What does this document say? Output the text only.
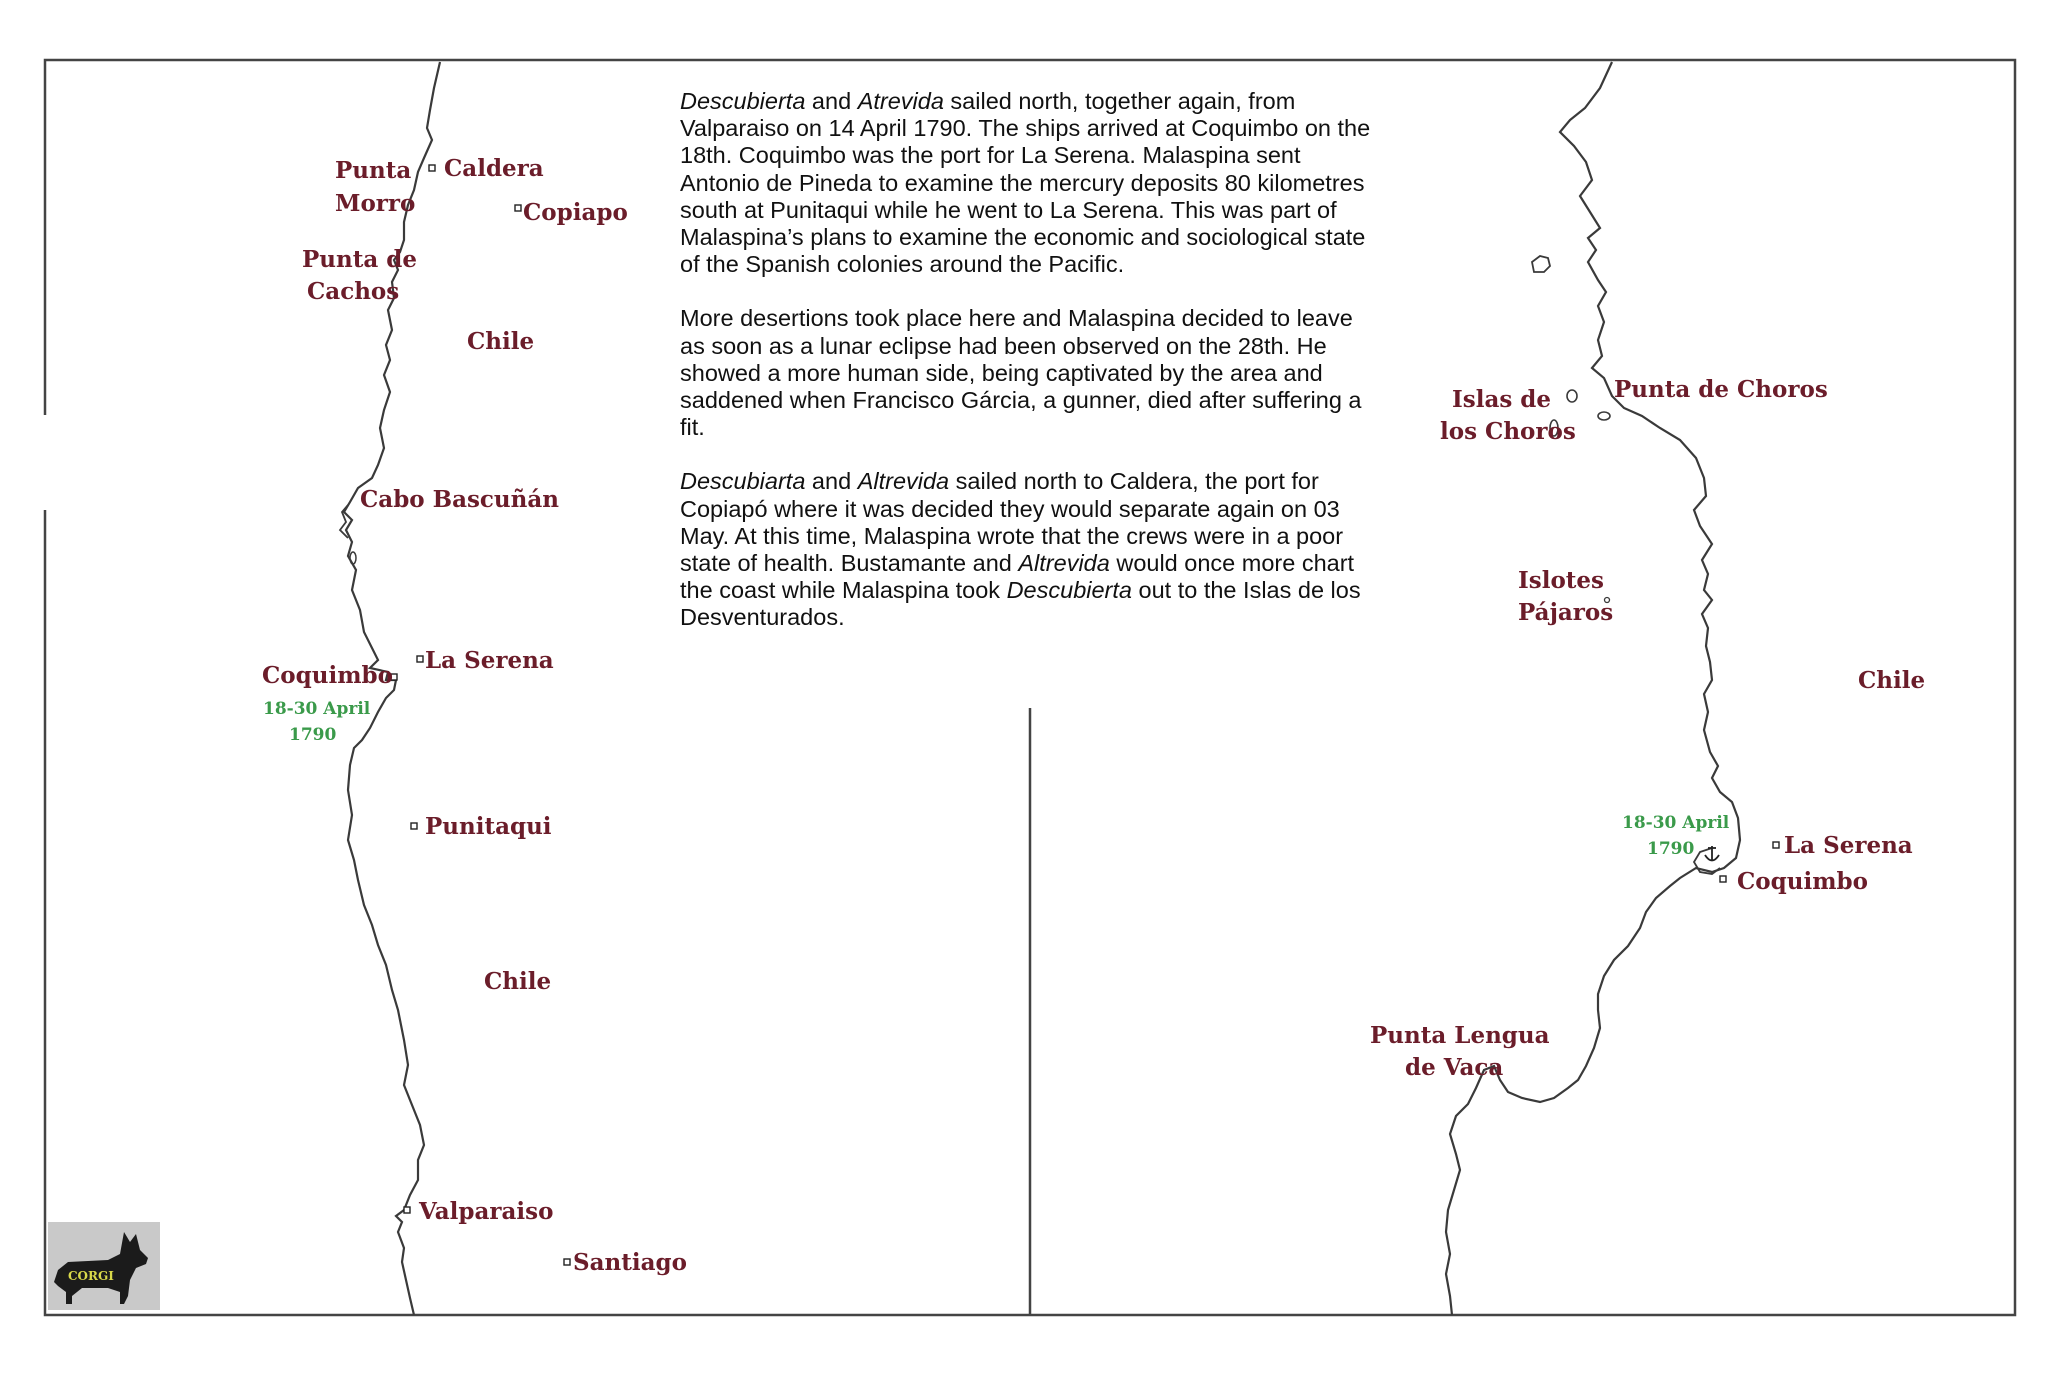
Punta
Morro
Caldera
Copiapo
Punta de
Cachos
Chile
Cabo Bascuñán
Coquimbo
La Serena
18-30 April
1790
Punitaqui
Chile
Valparaiso
Santiago
Islas de
los Choros
Punta de Choros
Islotes
Pájaros
Chile
18-30 April
1790	La Serena
Coquimbo
Punta Lengua
de Vaca

Descubierta and Atrevida sailed north, together again, from Valparaiso on 14 April 1790. The ships arrived at Coquimbo on the 18th. Coquimbo was the port for La Serena. Malaspina sent Antonio de Pineda to examine the mercury deposits 80 kilometres south at Punitaqui while he went to La Serena. This was part of Malaspina’s plans to examine the economic and sociological state of the Spanish colonies around the Pacific.

More desertions took place here and Malaspina decided to leave as soon as a lunar eclipse had been observed on the 28th. He showed a more human side, being captivated by the area and saddened when Francisco Gárcia, a gunner, died after suffering a fit.

Descubiarta and Altrevida sailed north to Caldera, the port for Copiapó where it was decided they would separate again on 03 May. At this time, Malaspina wrote that the crews were in a poor state of health. Bustamante and Altrevida would once more chart the coast while Malaspina took Descubierta out to the Islas de los Desventurados.

CORGI
